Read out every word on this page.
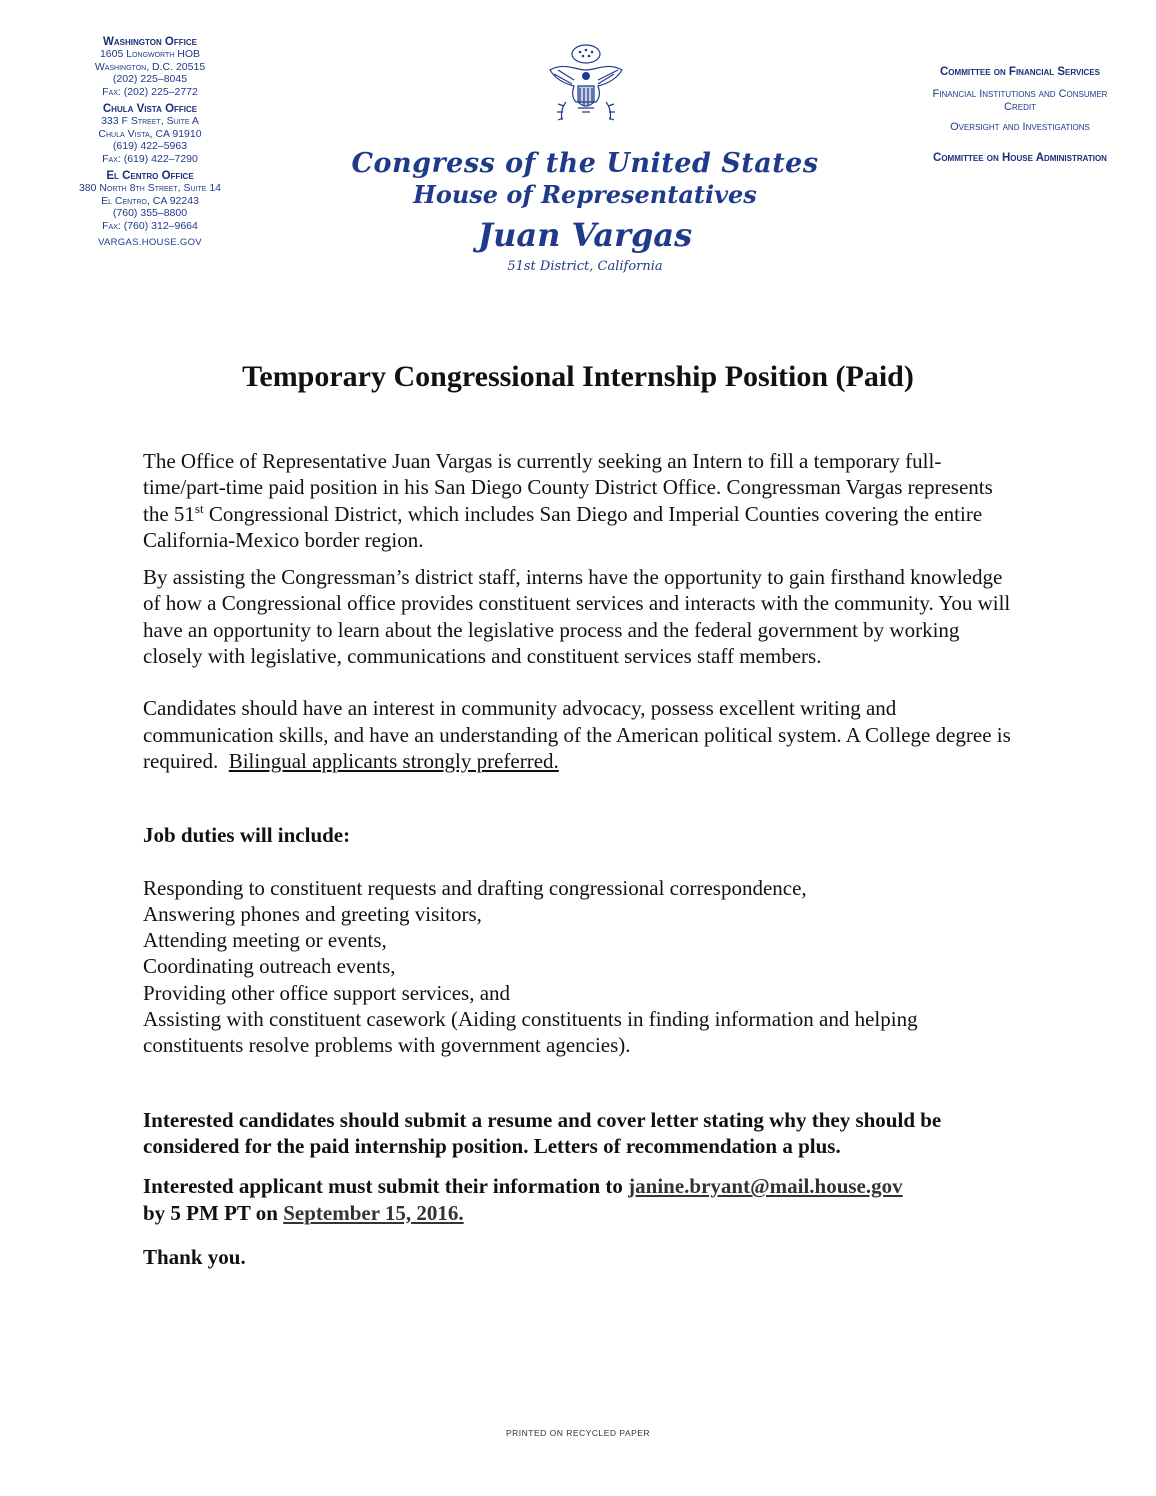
Washington Office
1605 Longworth HOB
Washington, D.C. 20515
(202) 225–8045
Fax: (202) 225–2772
Chula Vista Office
333 F Street, Suite A
Chula Vista, CA 91910
(619) 422–5963
Fax: (619) 422–7290
El Centro Office
380 North 8th Street, Suite 14
El Centro, CA 92243
(760) 355–8800
Fax: (760) 312–9664
VARGAS.HOUSE.GOV
Congress of the United States
House of Representatives
Juan Vargas
51st District, California
Committee on Financial Services
Financial Institutions and Consumer Credit
Oversight and Investigations
Committee on House Administration
Temporary Congressional Internship Position (Paid)

The Office of Representative Juan Vargas is currently seeking an Intern to fill a temporary full-time/part-time paid position in his San Diego County District Office. Congressman Vargas represents the 51st Congressional District, which includes San Diego and Imperial Counties covering the entire California-Mexico border region.

By assisting the Congressman’s district staff, interns have the opportunity to gain firsthand knowledge of how a Congressional office provides constituent services and interacts with the community. You will have an opportunity to learn about the legislative process and the federal government by working closely with legislative, communications and constituent services staff members.

Candidates should have an interest in community advocacy, possess excellent writing and communication skills, and have an understanding of the American political system. A College degree is required. Bilingual applicants strongly preferred.

Job duties will include:

Responding to constituent requests and drafting congressional correspondence,
Answering phones and greeting visitors,
Attending meeting or events,
Coordinating outreach events,
Providing other office support services, and
Assisting with constituent casework (Aiding constituents in finding information and helping constituents resolve problems with government agencies).

Interested candidates should submit a resume and cover letter stating why they should be considered for the paid internship position. Letters of recommendation a plus.

Interested applicant must submit their information to janine.bryant@mail.house.gov
by 5 PM PT on September 15, 2016.

Thank you.

PRINTED ON RECYCLED PAPER
